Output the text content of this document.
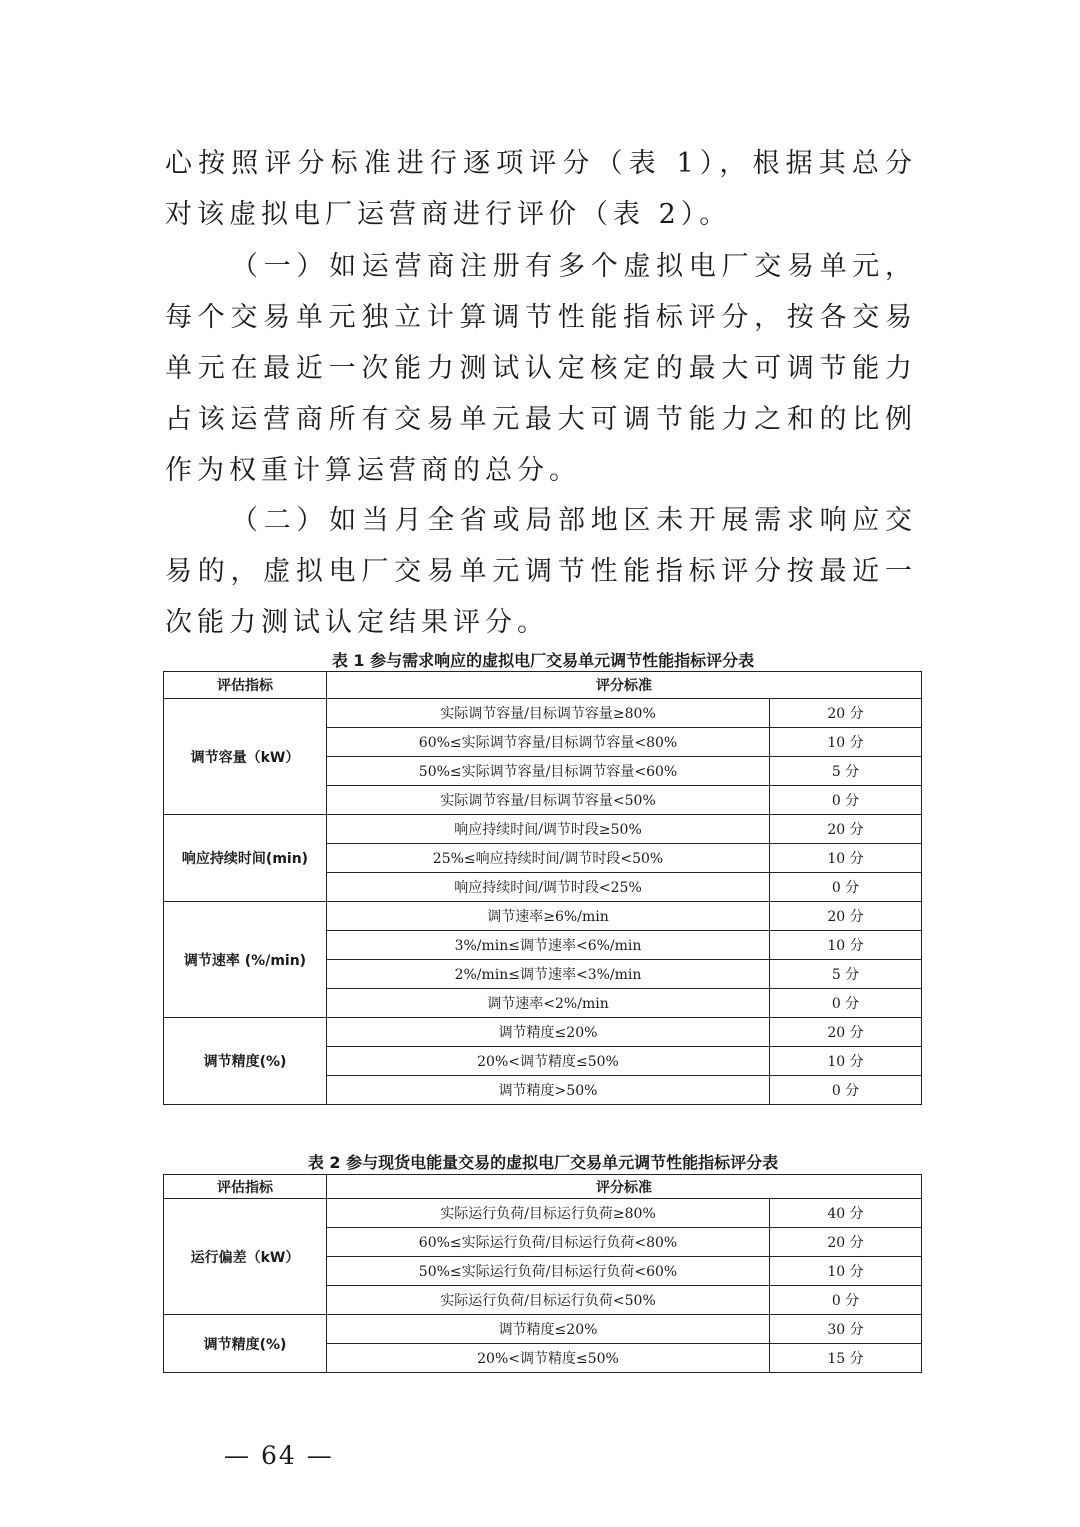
心按照评分标准进行逐项评分（表 1），根据其总分对该虚拟电厂运营商进行评价（表 2）。

（一）如运营商注册有多个虚拟电厂交易单元，每个交易单元独立计算调节性能指标评分，按各交易单元在最近一次能力测试认定核定的最大可调节能力占该运营商所有交易单元最大可调节能力之和的比例作为权重计算运营商的总分。

（二）如当月全省或局部地区未开展需求响应交易的，虚拟电厂交易单元调节性能指标评分按最近一次能力测试认定结果评分。

表 1 参与需求响应的虚拟电厂交易单元调节性能指标评分表

评估指标	评分标准	
调节容量（kW）	实际调节容量/目标调节容量≥80%	20 分
	60%≤实际调节容量/目标调节容量<80%	10 分
	50%≤实际调节容量/目标调节容量<60%	5 分
	实际调节容量/目标调节容量<50%	0 分
响应持续时间(min)	响应持续时间/调节时段≥50%	20 分
	25%≤响应持续时间/调节时段<50%	10 分
	响应持续时间/调节时段<25%	0 分
调节速率 (%/min)	调节速率≥6%/min	20 分
	3%/min≤调节速率<6%/min	10 分
	2%/min≤调节速率<3%/min	5 分
	调节速率<2%/min	0 分
调节精度(%)	调节精度≤20%	20 分
	20%<调节精度≤50%	10 分
	调节精度>50%	0 分

表 2 参与现货电能量交易的虚拟电厂交易单元调节性能指标评分表

评估指标	评分标准	
运行偏差（kW）	实际运行负荷/目标运行负荷≥80%	40 分
	60%≤实际运行负荷/目标运行负荷<80%	20 分
	50%≤实际运行负荷/目标运行负荷<60%	10 分
	实际运行负荷/目标运行负荷<50%	0 分
调节精度(%)	调节精度≤20%	30 分
	20%<调节精度≤50%	15 分
— 64 —
